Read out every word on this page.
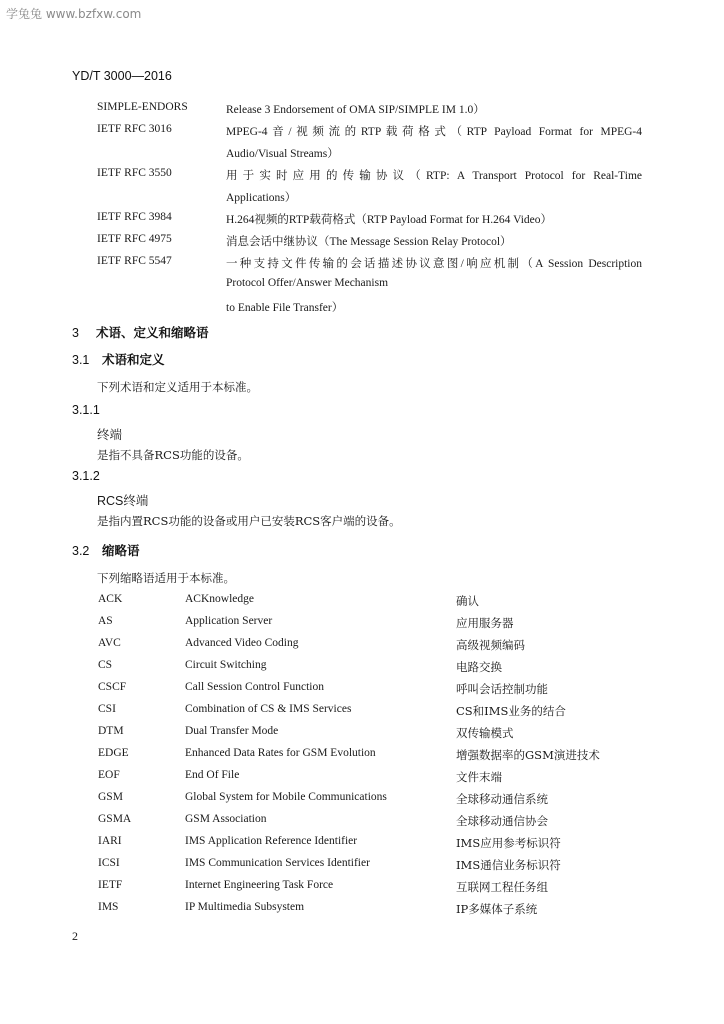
学兔兔 www.bzfxw.com
YD/T 3000—2016
SIMPLE-ENDORS	Release 3 Endorsement of OMA SIP/SIMPLE IM 1.0）
IETF RFC 3016	MPEG-4音/视频流的RTP载荷格式（RTP Payload Format for MPEG-4
Audio/Visual Streams）
IETF RFC 3550	用于实时应用的传输协议（RTP: A Transport Protocol for Real-Time
Applications）
IETF RFC 3984	H.264视频的RTP载荷格式（RTP Payload Format for H.264 Video）
IETF RFC 4975	消息会话中继协议（The Message Session Relay Protocol）
IETF RFC 5547	一种支持文件传输的会话描述协议意图/响应机制（A Session Description
Protocol Offer/Answer Mechanism
to Enable File Transfer）
3 术语、定义和缩略语
3.1 术语和定义
下列术语和定义适用于本标准。
3.1.1
终端
是指不具备RCS功能的设备。
3.1.2
RCS终端
是指内置RCS功能的设备或用户已安装RCS客户端的设备。
3.2 缩略语
下列缩略语适用于本标准。
ACK	ACKnowledge	确认
AS	Application Server	应用服务器
AVC	Advanced Video Coding	高级视频编码
CS	Circuit Switching	电路交换
CSCF	Call Session Control Function	呼叫会话控制功能
CSI	Combination of CS & IMS Services	CS和IMS业务的结合
DTM	Dual Transfer Mode	双传输模式
EDGE	Enhanced Data Rates for GSM Evolution	增强数据率的GSM演进技术
EOF	End Of File	文件末端
GSM	Global System for Mobile Communications	全球移动通信系统
GSMA	GSM Association	全球移动通信协会
IARI	IMS Application Reference Identifier	IMS应用参考标识符
ICSI	IMS Communication Services Identifier	IMS通信业务标识符
IETF	Internet Engineering Task Force	互联网工程任务组
IMS	IP Multimedia Subsystem	IP多媒体子系统
2
